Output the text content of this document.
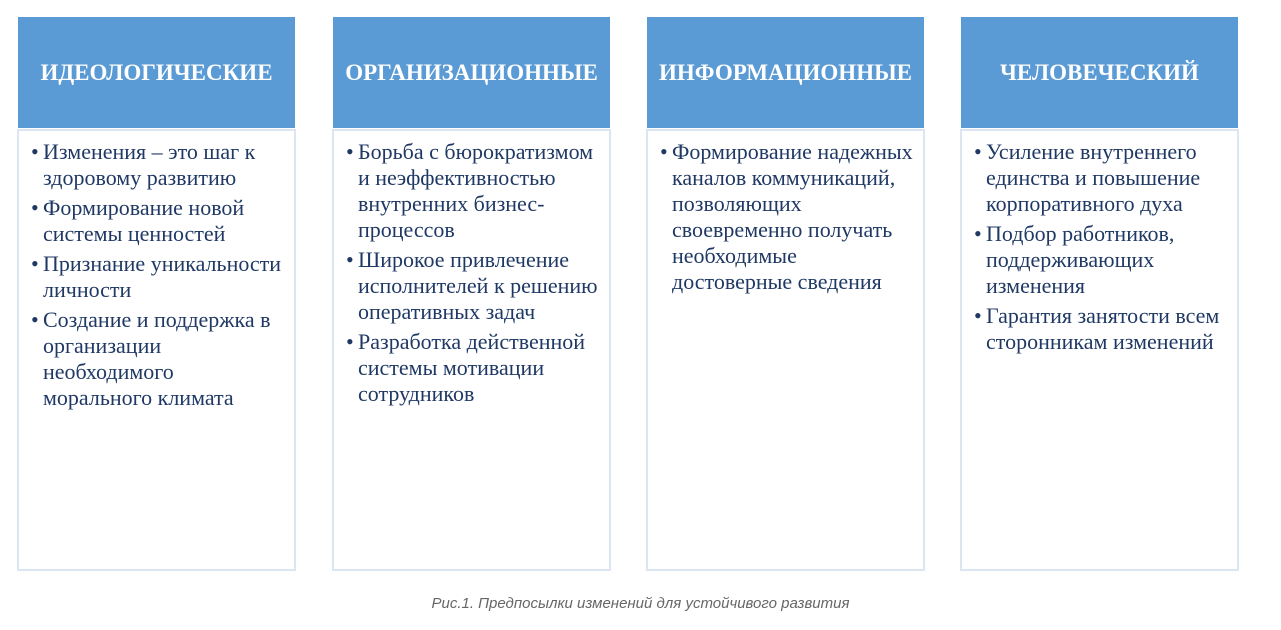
ИДЕОЛОГИЧЕСКИЕ
• Изменения – это шаг к здоровому развитию
• Формирование новой системы ценностей
• Признание уникальности личности
• Создание и поддержка в организации необходимого морального климата
ОРГАНИЗАЦИОННЫЕ
• Борьба с бюрократизмом и неэффективностью внутренних бизнес-процессов
• Широкое привлечение исполнителей к решению оперативных задач
• Разработка действенной системы мотивации сотрудников
ИНФОРМАЦИОННЫЕ
• Формирование надежных каналов коммуникаций, позволяющих своевременно получать необходимые достоверные сведения
ЧЕЛОВЕЧЕСКИЙ
• Усиление внутреннего единства и повышение корпоративного духа
• Подбор работников, поддерживающих изменения
• Гарантия занятости всем сторонникам изменений
Рис.1. Предпосылки изменений для устойчивого развития
